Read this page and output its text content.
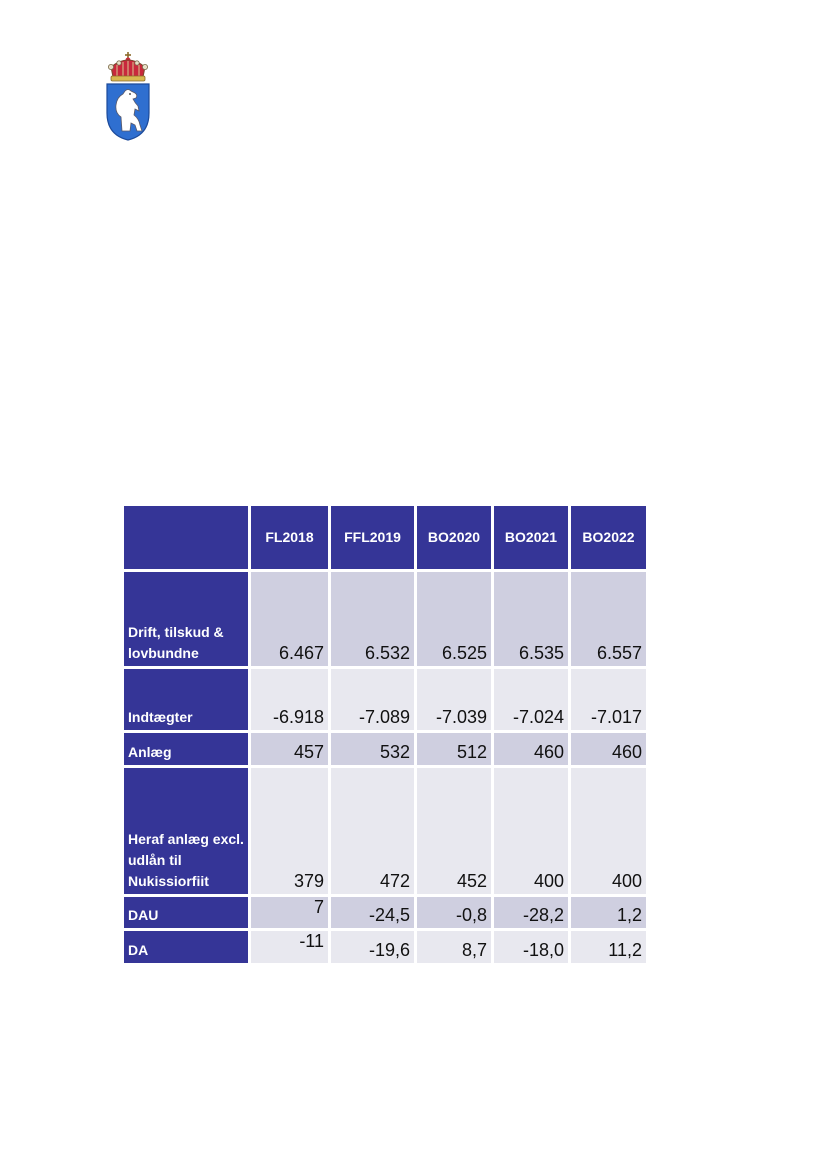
	FL2018	FFL2019	BO2020	BO2021	BO2022
Drift, tilskud & lovbundne	6.467	6.532	6.525	6.535	6.557
Indtægter	-6.918	-7.089	-7.039	-7.024	-7.017
Anlæg	457	532	512	460	460
Heraf anlæg excl. udlån til Nukissiorfiit	379	472	452	400	400
DAU	7	-24,5	-0,8	-28,2	1,2
DA	-11	-19,6	8,7	-18,0	11,2
